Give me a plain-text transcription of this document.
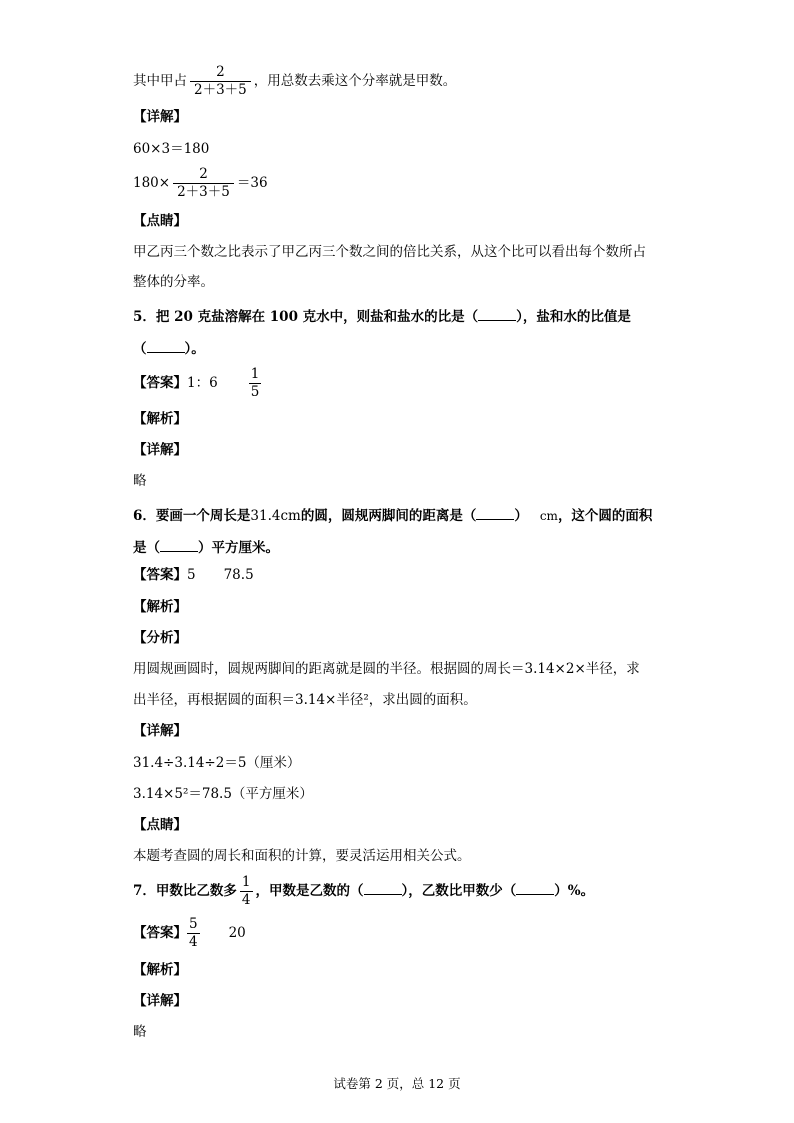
其中甲占 $\frac{2}{2+3+5}$ ，用总数去乘这个分率就是甲数。
【详解】
60×3＝180
$180\times \frac{2}{2+3+5} =36$
【点睛】
甲乙丙三个数之比表示了甲乙丙三个数之间的倍比关系，从这个比可以看出每个数所占
整体的分率。
5．把 20 克盐溶解在 100 克水中，则盐和盐水的比是（	），盐和水的比值是
（	）。
【答案】1：$6 \frac{1}{5}$
【解析】
【详解】
略
6．要画一个周长是31.4cm的圆，圆规两脚间的距离是（	） cm，这个圆的面积
是（	）平方厘米。
【答案】5 78.5
【解析】
【分析】
用圆规画圆时，圆规两脚间的距离就是圆的半径。根据圆的周长＝3.14×2×半径，求
出半径，再根据圆的面积＝3.14×半径²，求出圆的面积。
【详解】
31.4÷3.14÷2＝5（厘米）
3.14×5²＝78.5（平方厘米）
【点睛】
本题考查圆的周长和面积的计算，要灵活运用相关公式。
7．甲数比乙数多 $\frac{1}{4}$ ，甲数是乙数的（	），乙数比甲数少（	）%。
【答案】 $\frac{5}{4} 20$
【解析】
【详解】
略
试卷第 2 页，总 12 页
